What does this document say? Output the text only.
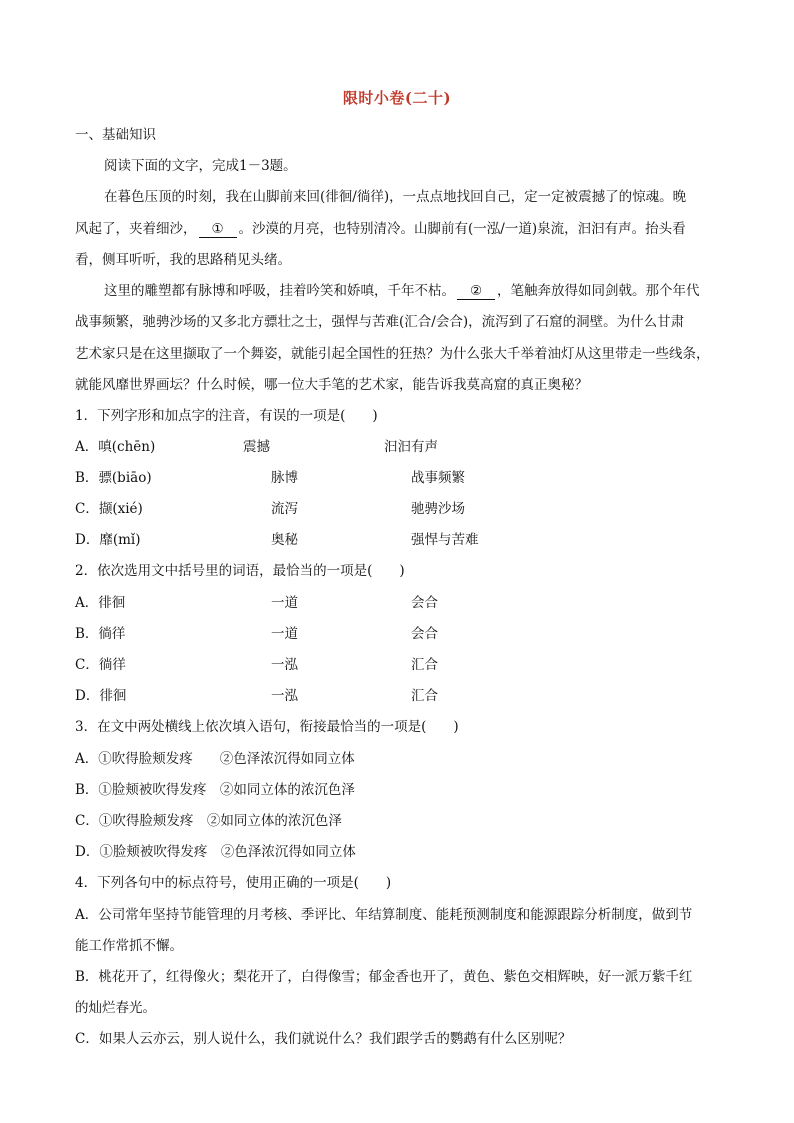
限时小卷(二十)
一、基础知识
阅读下面的文字，完成1－3题。
在暮色压顶的时刻，我在山脚前来回(徘徊/徜徉)，一点点地找回自己，定一定被震撼了的惊魂。晚
风起了，夹着细沙， ① 。沙漠的月亮，也特别清冷。山脚前有(一泓/一道)泉流，汩汩有声。抬头看
看，侧耳听听，我的思路稍见头绪。
这里的雕塑都有脉博和呼吸，挂着吟笑和娇嗔，千年不枯。 ② ，笔触奔放得如同剑戟。那个年代
战事频繁，驰骋沙场的又多北方骠壮之士，强悍与苦难(汇合/会合)，流泻到了石窟的洞壁。为什么甘肃
艺术家只是在这里撷取了一个舞姿，就能引起全国性的狂热？为什么张大千举着油灯从这里带走一些线条，
就能风靡世界画坛？什么时候，哪一位大手笔的艺术家，能告诉我莫高窟的真正奥秘？
1．下列字形和加点字的注音，有误的一项是(　　)
A．嗔(chēn)	震撼	汩汩有声
B．骠(biāo)	脉博	战事频繁
C．撷(xié)	流泻	驰骋沙场
D．靡(mǐ)	奥秘	强悍与苦难
2．依次选用文中括号里的词语，最恰当的一项是(　　)
A．徘徊	一道	会合
B．徜徉	一道	会合
C．徜徉	一泓	汇合
D．徘徊	一泓	汇合
3．在文中两处横线上依次填入语句，衔接最恰当的一项是(　　)
A．①吹得脸颊发疼　　②色泽浓沉得如同立体
B．①脸颊被吹得发疼　②如同立体的浓沉色泽
C．①吹得脸颊发疼　②如同立体的浓沉色泽
D．①脸颊被吹得发疼　②色泽浓沉得如同立体
4．下列各句中的标点符号，使用正确的一项是(　　)
A．公司常年坚持节能管理的月考核、季评比、年结算制度、能耗预测制度和能源跟踪分析制度，做到节
能工作常抓不懈。
B．桃花开了，红得像火；梨花开了，白得像雪；郁金香也开了，黄色、紫色交相辉映，好一派万紫千红
的灿烂春光。
C．如果人云亦云，别人说什么，我们就说什么？我们跟学舌的鹦鹉有什么区别呢？
